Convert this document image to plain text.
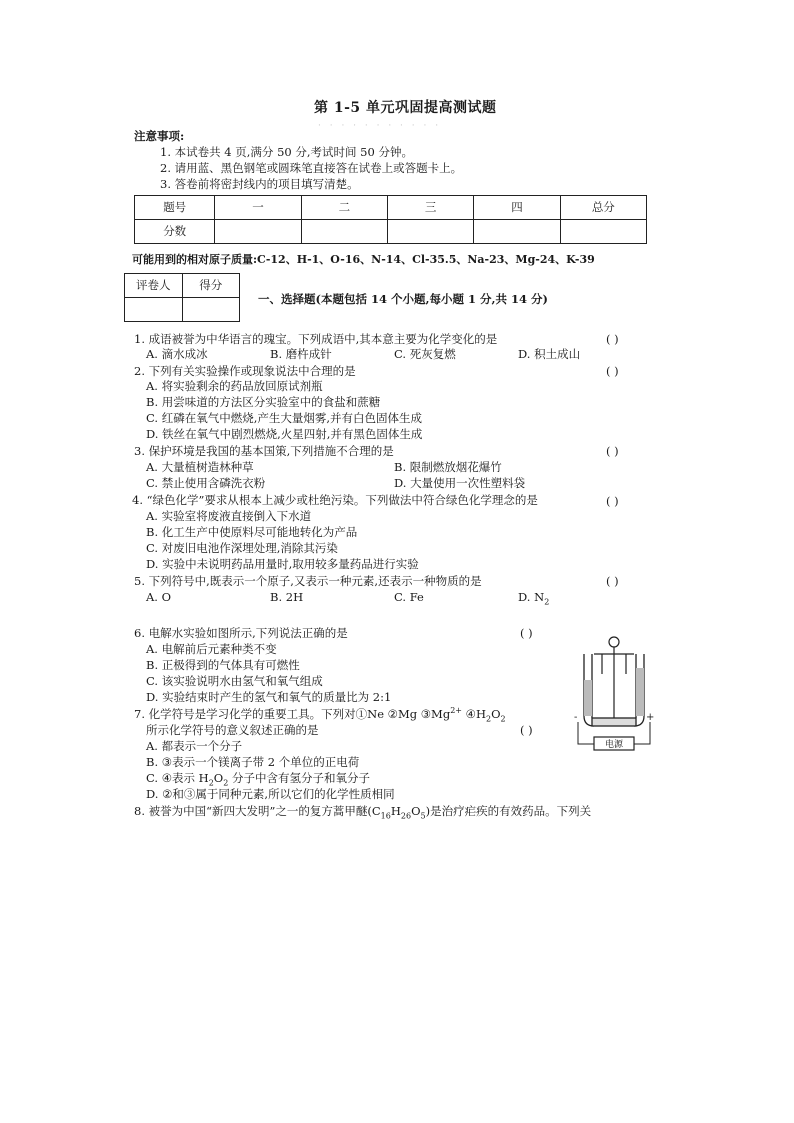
第 1-5 单元巩固提高测试题
· · · · · · · · · · ·
注意事项:
1. 本试卷共 4 页,满分 50 分,考试时间 50 分钟。
2. 请用蓝、黑色钢笔或圆珠笔直接答在试卷上或答题卡上。
3. 答卷前将密封线内的项目填写清楚。
题号	一	二	三	四	总分
分数					
可能用到的相对原子质量:C-12、H-1、O-16、N-14、Cl-35.5、Na-23、Mg-24、K-39
评卷人	得分

一、选择题(本题包括 14 个小题,每小题 1 分,共 14 分)
1. 成语被誉为中华语言的瑰宝。下列成语中,其本意主要为化学变化的是	( )
A. 滴水成冰	B. 磨杵成针	C. 死灰复燃	D. 积土成山
2. 下列有关实验操作或现象说法中合理的是	( )
A. 将实验剩余的药品放回原试剂瓶
B. 用尝味道的方法区分实验室中的食盐和蔗糖
C. 红磷在氧气中燃烧,产生大量烟雾,并有白色固体生成
D. 铁丝在氧气中剧烈燃烧,火星四射,并有黑色固体生成
3. 保护环境是我国的基本国策,下列措施不合理的是	( )
A. 大量植树造林种草	B. 限制燃放烟花爆竹
C. 禁止使用含磷洗衣粉	D. 大量使用一次性塑料袋
4. “绿色化学”要求从根本上减少或杜绝污染。下列做法中符合绿色化学理念的是	( )
A. 实验室将废液直接倒入下水道
B. 化工生产中使原料尽可能地转化为产品
C. 对废旧电池作深埋处理,消除其污染
D. 实验中未说明药品用量时,取用较多量药品进行实验
5. 下列符号中,既表示一个原子,又表示一种元素,还表示一种物质的是	( )
A. O	B. 2H	C. Fe	D. $N_2$
6. 电解水实验如图所示,下列说法正确的是	( )
A. 电解前后元素种类不变
B. 正极得到的气体具有可燃性
C. 该实验说明水由氢气和氧气组成
D. 实验结束时产生的氢气和氧气的质量比为 2:1
7. 化学符号是学习化学的重要工具。下列对①Ne ②Mg $③Mg^{2+}$ $④H_2O_2$
所示化学符号的意义叙述正确的是	( )
A. 都表示一个分子
B. ③表示一个镁离子带 2 个单位的正电荷
C. ④表示 $H_2O_2$ 分子中含有氢分子和氧分子
D. ②和③属于同种元素,所以它们的化学性质相同
8. 被誉为中国“新四大发明”之一的复方蒿甲醚$(C_{16}H_{26}O_5)$是治疗疟疾的有效药品。下列关
-	+
电源
